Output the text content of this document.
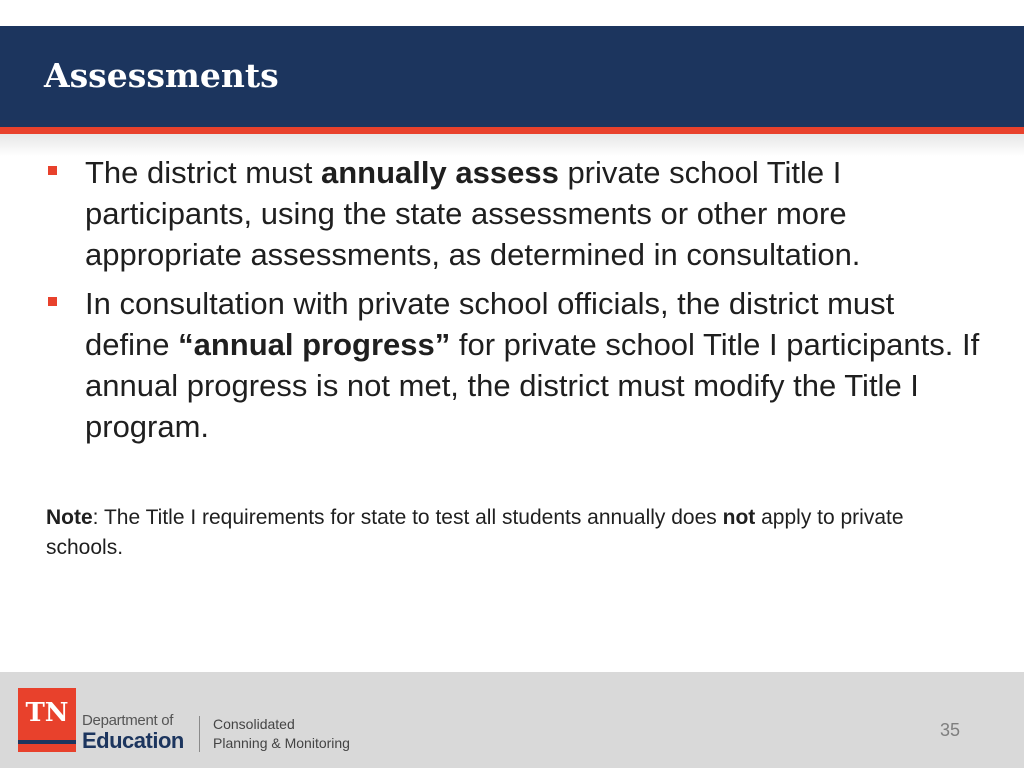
Assessments
The district must annually assess private school Title I participants, using the state assessments or other more appropriate assessments, as determined in consultation.
In consultation with private school officials, the district must define “annual progress” for private school Title I participants. If annual progress is not met, the district must modify the Title I program.

Note: The Title I requirements for state to test all students annually does not apply to private schools.

TN Department of
Education
Consolidated
Planning & Monitoring
35
